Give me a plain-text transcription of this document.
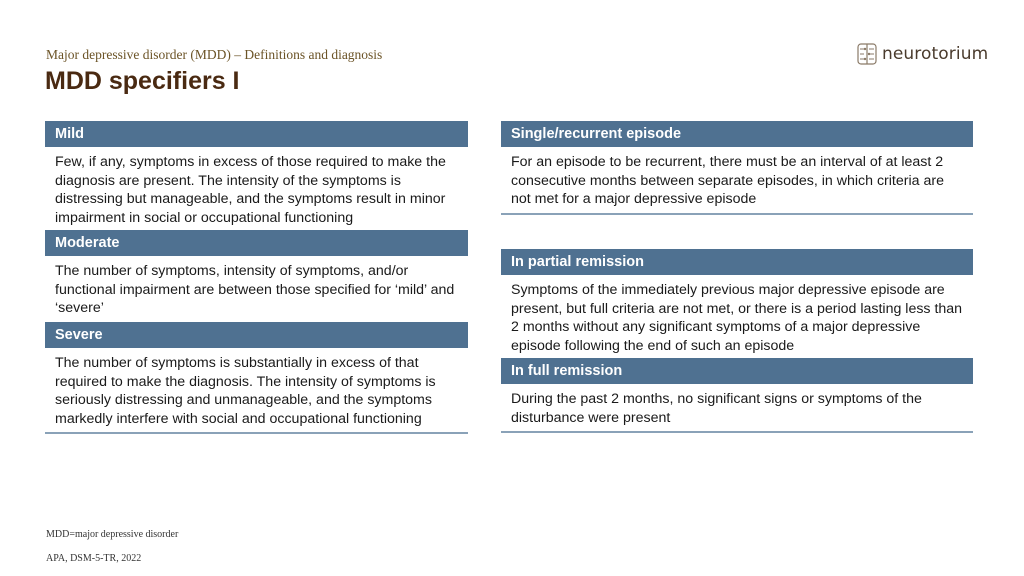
Major depressive disorder (MDD) – Definitions and diagnosis
MDD specifiers I
neurotorium
Mild
Few, if any, symptoms in excess of those required to make the diagnosis are present. The intensity of the symptoms is distressing but manageable, and the symptoms result in minor impairment in social or occupational functioning
Moderate
The number of symptoms, intensity of symptoms, and/or functional impairment are between those specified for ‘mild’ and ‘severe’
Severe
The number of symptoms is substantially in excess of that required to make the diagnosis. The intensity of symptoms is seriously distressing and unmanageable, and the symptoms markedly interfere with social and occupational functioning
Single/recurrent episode
For an episode to be recurrent, there must be an interval of at least 2 consecutive months between separate episodes, in which criteria are not met for a major depressive episode
In partial remission
Symptoms of the immediately previous major depressive episode are present, but full criteria are not met, or there is a period lasting less than 2 months without any significant symptoms of a major depressive episode following the end of such an episode
In full remission
During the past 2 months, no significant signs or symptoms of the disturbance were present
MDD=major depressive disorder
APA, DSM-5-TR, 2022
